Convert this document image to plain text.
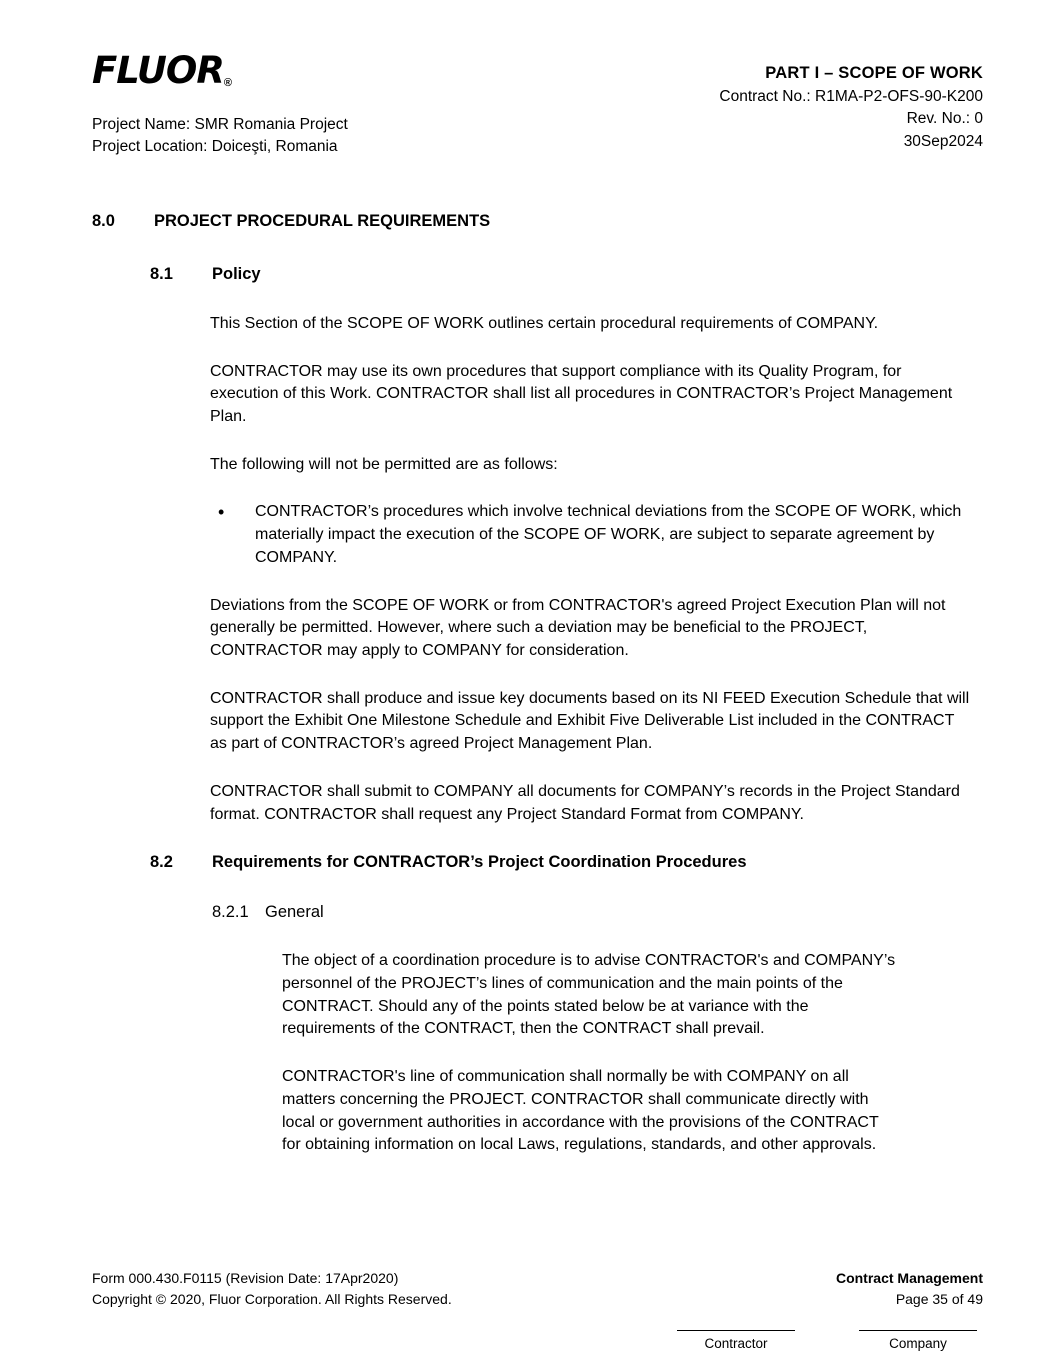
FLUOR®
Project Name: SMR Romania Project
Project Location: Doiceşti, Romania
PART I – SCOPE OF WORK
Contract No.: R1MA-P2-OFS-90-K200
Rev. No.: 0
30Sep2024
8.0	PROJECT PROCEDURAL REQUIREMENTS
8.1	Policy

This Section of the SCOPE OF WORK outlines certain procedural requirements of COMPANY.

CONTRACTOR may use its own procedures that support compliance with its Quality Program, for execution of this Work. CONTRACTOR shall list all procedures in CONTRACTOR’s Project Management Plan.

The following will not be permitted are as follows:

• CONTRACTOR’s procedures which involve technical deviations from the SCOPE OF WORK, which materially impact the execution of the SCOPE OF WORK, are subject to separate agreement by COMPANY.

Deviations from the SCOPE OF WORK or from CONTRACTOR's agreed Project Execution Plan will not generally be permitted. However, where such a deviation may be beneficial to the PROJECT, CONTRACTOR may apply to COMPANY for consideration.

CONTRACTOR shall produce and issue key documents based on its NI FEED Execution Schedule that will support the Exhibit One Milestone Schedule and Exhibit Five Deliverable List included in the CONTRACT as part of CONTRACTOR’s agreed Project Management Plan.

CONTRACTOR shall submit to COMPANY all documents for COMPANY’s records in the Project Standard format. CONTRACTOR shall request any Project Standard Format from COMPANY.

8.2	Requirements for CONTRACTOR’s Project Coordination Procedures
8.2.1 General

The object of a coordination procedure is to advise CONTRACTOR's and COMPANY’s personnel of the PROJECT’s lines of communication and the main points of the CONTRACT. Should any of the points stated below be at variance with the requirements of the CONTRACT, then the CONTRACT shall prevail.

CONTRACTOR's line of communication shall normally be with COMPANY on all matters concerning the PROJECT. CONTRACTOR shall communicate directly with local or government authorities in accordance with the provisions of the CONTRACT for obtaining information on local Laws, regulations, standards, and other approvals.

Form 000.430.F0115 (Revision Date: 17Apr2020)
Copyright © 2020, Fluor Corporation. All Rights Reserved.
Contract Management
Page 35 of 49
Contractor	Company
